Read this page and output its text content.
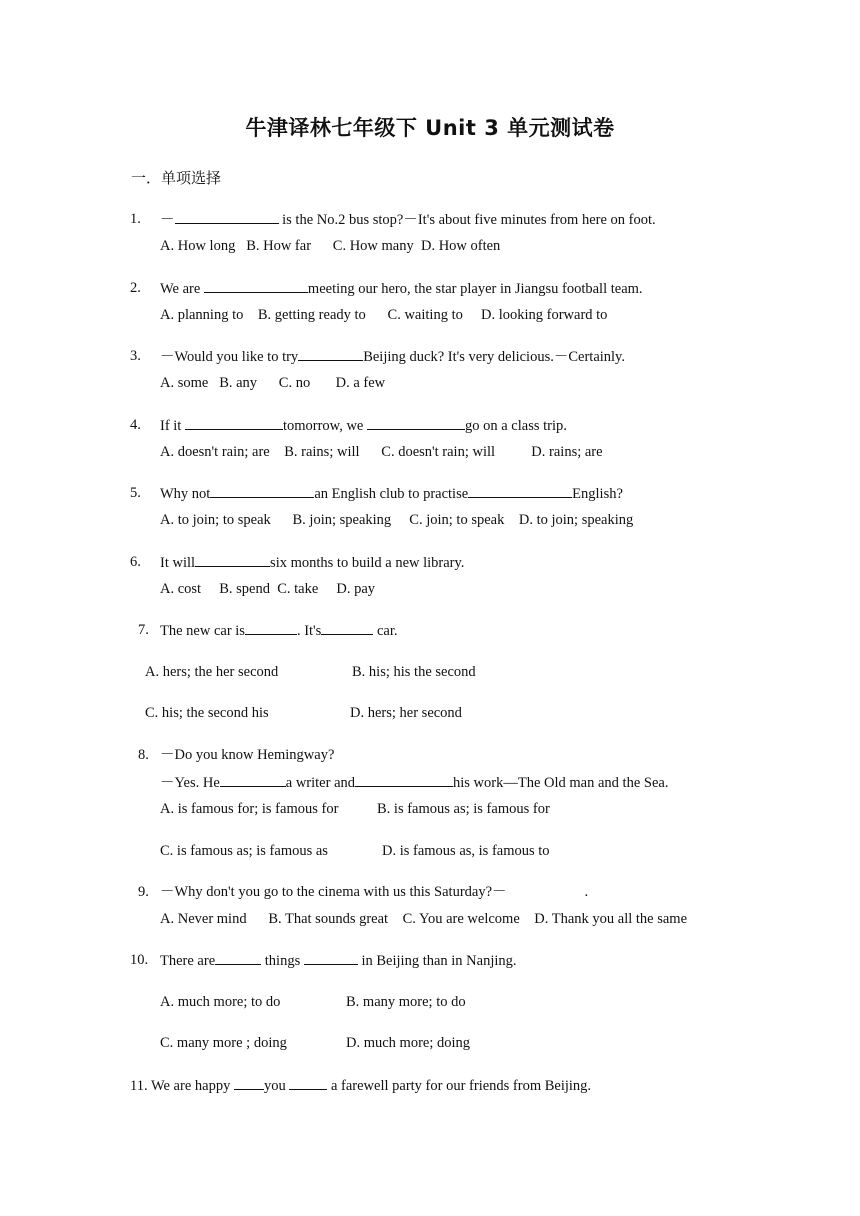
牛津译林七年级下 Unit 3 单元测试卷
一．单项选择
1. －	is the No.2 bus stop?－It's about five minutes from here on foot.
A. How long   B. How far      C. How many  D. How often
2. We are	meeting our hero, the star player in Jiangsu football team.
A. planning to    B. getting ready to      C. waiting to     D. looking forward to
3. －Would you like to try	Beijing duck? It's very delicious.－Certainly.
A. some   B. any      C. no       D. a few
4. If it	tomorrow, we	go on a class trip.
A. doesn't rain; are    B. rains; will      C. doesn't rain; will          D. rains; are
5. Why not	an English club to practise	English?
A. to join; to speak      B. join; speaking     C. join; to speak    D. to join; speaking
6. It will	six months to build a new library.
A. cost     B. spend  C. take     D. pay
7. The new car is	. It's	car.
A. hers; the her second	B. his; his the second
C. his; the second his	D. hers; her second
8. －Do you know Hemingway?
－Yes. He	a writer and	his work—The Old man and the Sea.
A. is famous for; is famous for	B. is famous as; is famous for
C. is famous as; is famous as	D. is famous as, is famous to
9. －Why don't you go to the cinema with us this Saturday?－	.
A. Never mind      B. That sounds great    C. You are welcome    D. Thank you all the same
10. There are	things	in Beijing than in Nanjing.
A. much more; to do	B. many more; to do
C. many more ; doing	D. much more; doing
11. We are happy you	a farewell party for our friends from Beijing.
